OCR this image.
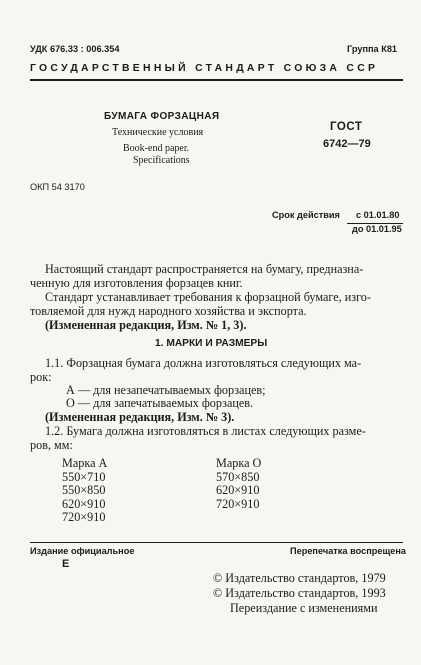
УДК 676.33 : 006.354	Группа К81
ГОСУДАРСТВЕННЫЙ СТАНДАРТ СОЮЗА ССР
БУМАГА ФОРЗАЦНАЯ
Технические условия
Book-end paper.
Specifications
ГОСТ
6742—79
ОКП 54 3170
Срок действия с 01.01.80
до 01.01.95
Настоящий стандарт распространяется на бумагу, предназна-
ченную для изготовления форзацев книг.
Стандарт устанавливает требования к форзацной бумаге, изго-
товляемой для нужд народного хозяйства и экспорта.
(Измененная редакция, Изм. № 1, 3).
1. МАРКИ И РАЗМЕРЫ
1.1. Форзацная бумага должна изготовляться следующих ма-
рок:
А — для незапечатываемых форзацев;
О — для запечатываемых форзацев.
(Измененная редакция, Изм. № 3).
1.2. Бумага должна изготовляться в листах следующих разме-
ров, мм:
Марка А
550×710
550×850
620×910
720×910
Марка О
570×850
620×910
720×910
Издание официальное	Перепечатка воспрещена
Е
© Издательство стандартов, 1979
© Издательство стандартов, 1993
Переиздание с изменениями
